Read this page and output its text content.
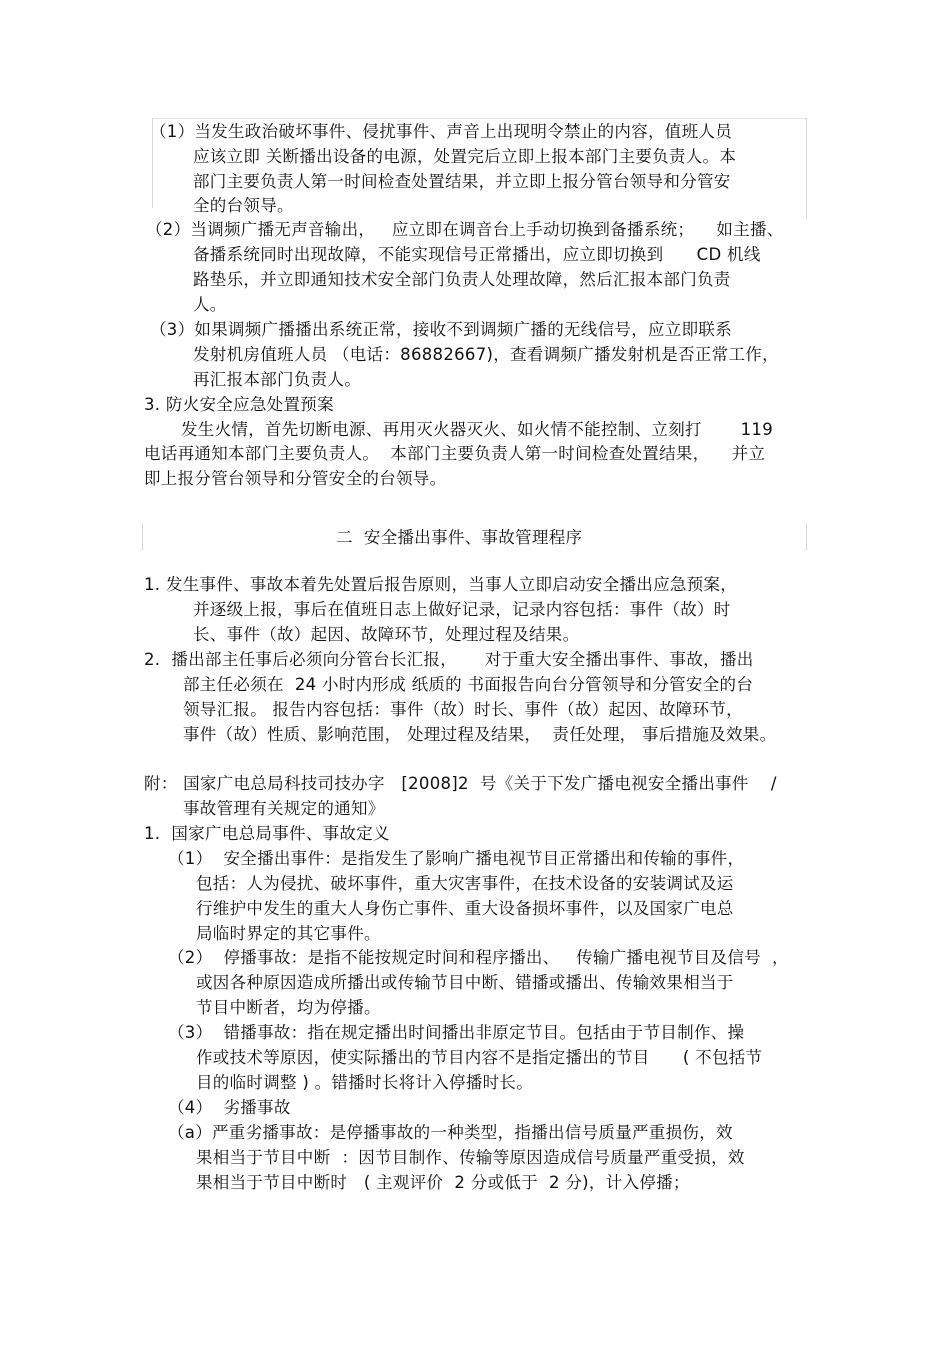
（1）当发生政治破坏事件、侵扰事件、声音上出现明令禁止的内容，值班人员
应该立即 关断播出设备的电源，处置完后立即上报本部门主要负责人。本
部门主要负责人第一时间检查处置结果，并立即上报分管台领导和分管安
全的台领导。
（2）当调频广播无声音输出，   应立即在调音台上手动切换到备播系统；    如主播、
备播系统同时出现故障，不能实现信号正常播出，应立即切换到      CD 机线
路垫乐，并立即通知技术安全部门负责人处理故障，然后汇报本部门负责
人。
（3）如果调频广播播出系统正常，接收不到调频广播的无线信号，应立即联系
发射机房值班人员 （电话：86882667)，查看调频广播发射机是否正常工作，
再汇报本部门负责人。
3. 防火安全应急处置预案
发生火情，首先切断电源、再用灭火器灭火、如火情不能控制、立刻打       119
电话再通知本部门主要负责人。  本部门主要负责人第一时间检查处置结果，    并立
即上报分管台领导和分管安全的台领导。
二  安全播出事件、事故管理程序
1. 发生事件、事故本着先处置后报告原则，当事人立即启动安全播出应急预案，
并逐级上报，事后在值班日志上做好记录，记录内容包括：事件（故）时
长、事件（故）起因、故障环节，处理过程及结果。
2.  播出部主任事后必须向分管台长汇报，     对于重大安全播出事件、事故，播出
部主任必须在  24 小时内形成 纸质的 书面报告向台分管领导和分管安全的台
领导汇报。 报告内容包括：事件（故）时长、事件（故）起因、故障环节，
事件（故）性质、影响范围， 处理过程及结果，  责任处理， 事后措施及效果。
附： 国家广电总局科技司技办字   [2008]2  号《关于下发广播电视安全播出事件    /
事故管理有关规定的通知》
1.  国家广电总局事件、事故定义
（1）  安全播出事件：是指发生了影响广播电视节目正常播出和传输的事件，
包括：人为侵扰、破坏事件，重大灾害事件，在技术设备的安装调试及运
行维护中发生的重大人身伤亡事件、重大设备损坏事件，以及国家广电总
局临时界定的其它事件。
（2）  停播事故：是指不能按规定时间和程序播出、   传输广播电视节目及信号  ，
或因各种原因造成所播出或传输节目中断、错播或播出、传输效果相当于
节目中断者，均为停播。
（3）  错播事故：指在规定播出时间播出非原定节目。包括由于节目制作、操
作或技术等原因，使实际播出的节目内容不是指定播出的节目      ( 不包括节
目的临时调整 ) 。错播时长将计入停播时长。
（4）  劣播事故
（a）严重劣播事故：是停播事故的一种类型，指播出信号质量严重损伤，效
果相当于节目中断  ：因节目制作、传输等原因造成信号质量严重受损，效
果相当于节目中断时   ( 主观评价  2 分或低于  2 分)，计入停播；
